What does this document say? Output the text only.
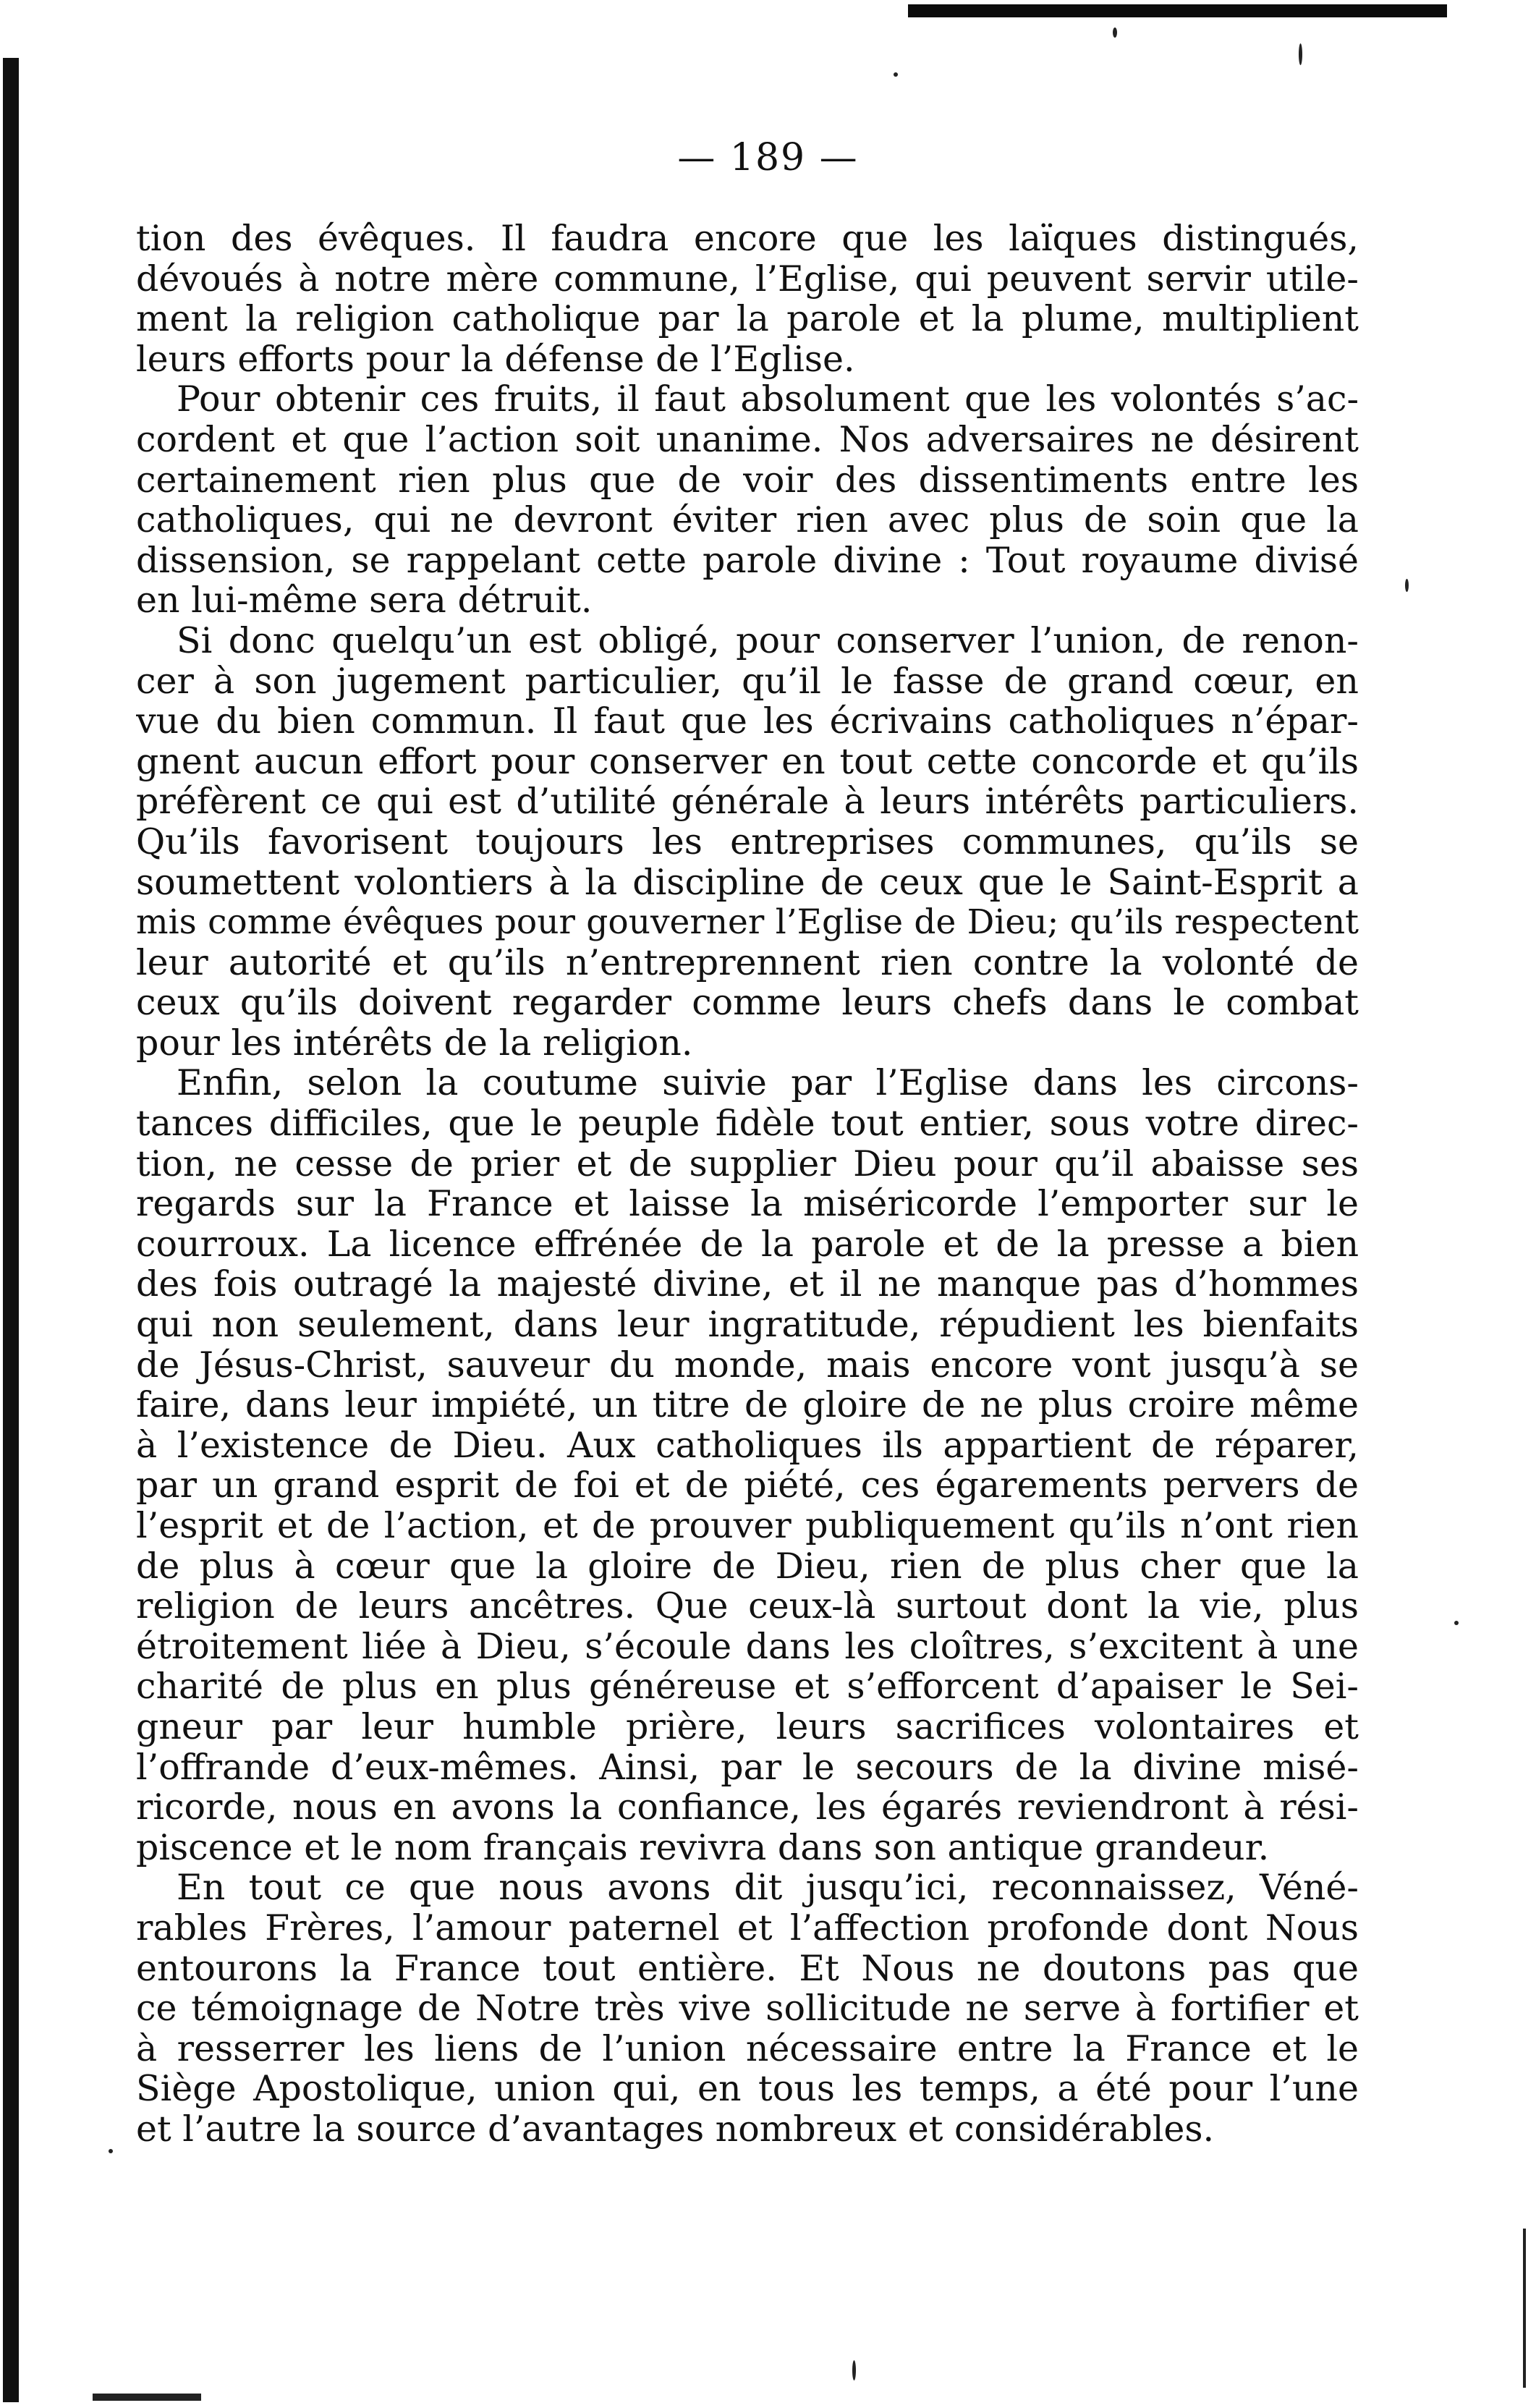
— 189 —
tion des évêques. Il faudra encore que les laïques distingués,
dévoués à notre mère commune, l’Eglise, qui peuvent servir utile-
ment la religion catholique par la parole et la plume, multiplient
leurs efforts pour la défense de l’Eglise.
Pour obtenir ces fruits, il faut absolument que les volontés s’ac-
cordent et que l’action soit unanime. Nos adversaires ne désirent
certainement rien plus que de voir des dissentiments entre les
catholiques, qui ne devront éviter rien avec plus de soin que la
dissension, se rappelant cette parole divine : Tout royaume divisé
en lui-même sera détruit.
Si donc quelqu’un est obligé, pour conserver l’union, de renon-
cer à son jugement particulier, qu’il le fasse de grand cœur, en
vue du bien commun. Il faut que les écrivains catholiques n’épar-
gnent aucun effort pour conserver en tout cette concorde et qu’ils
préfèrent ce qui est d’utilité générale à leurs intérêts particuliers.
Qu’ils favorisent toujours les entreprises communes, qu’ils se
soumettent volontiers à la discipline de ceux que le Saint-Esprit a
mis comme évêques pour gouverner l’Eglise de Dieu; qu’ils respectent
leur autorité et qu’ils n’entreprennent rien contre la volonté de
ceux qu’ils doivent regarder comme leurs chefs dans le combat
pour les intérêts de la religion.
Enfin, selon la coutume suivie par l’Eglise dans les circons-
tances difficiles, que le peuple fidèle tout entier, sous votre direc-
tion, ne cesse de prier et de supplier Dieu pour qu’il abaisse ses
regards sur la France et laisse la miséricorde l’emporter sur le
courroux. La licence effrénée de la parole et de la presse a bien
des fois outragé la majesté divine, et il ne manque pas d’hommes
qui non seulement, dans leur ingratitude, répudient les bienfaits
de Jésus-Christ, sauveur du monde, mais encore vont jusqu’à se
faire, dans leur impiété, un titre de gloire de ne plus croire même
à l’existence de Dieu. Aux catholiques ils appartient de réparer,
par un grand esprit de foi et de piété, ces égarements pervers de
l’esprit et de l’action, et de prouver publiquement qu’ils n’ont rien
de plus à cœur que la gloire de Dieu, rien de plus cher que la
religion de leurs ancêtres. Que ceux-là surtout dont la vie, plus
étroitement liée à Dieu, s’écoule dans les cloîtres, s’excitent à une
charité de plus en plus généreuse et s’efforcent d’apaiser le Sei-
gneur par leur humble prière, leurs sacrifices volontaires et
l’offrande d’eux-mêmes. Ainsi, par le secours de la divine misé-
ricorde, nous en avons la confiance, les égarés reviendront à rési-
piscence et le nom français revivra dans son antique grandeur.
En tout ce que nous avons dit jusqu’ici, reconnaissez, Véné-
rables Frères, l’amour paternel et l’affection profonde dont Nous
entourons la France tout entière. Et Nous ne doutons pas que
ce témoignage de Notre très vive sollicitude ne serve à fortifier et
à resserrer les liens de l’union nécessaire entre la France et le
Siège Apostolique, union qui, en tous les temps, a été pour l’une
et l’autre la source d’avantages nombreux et considérables.
